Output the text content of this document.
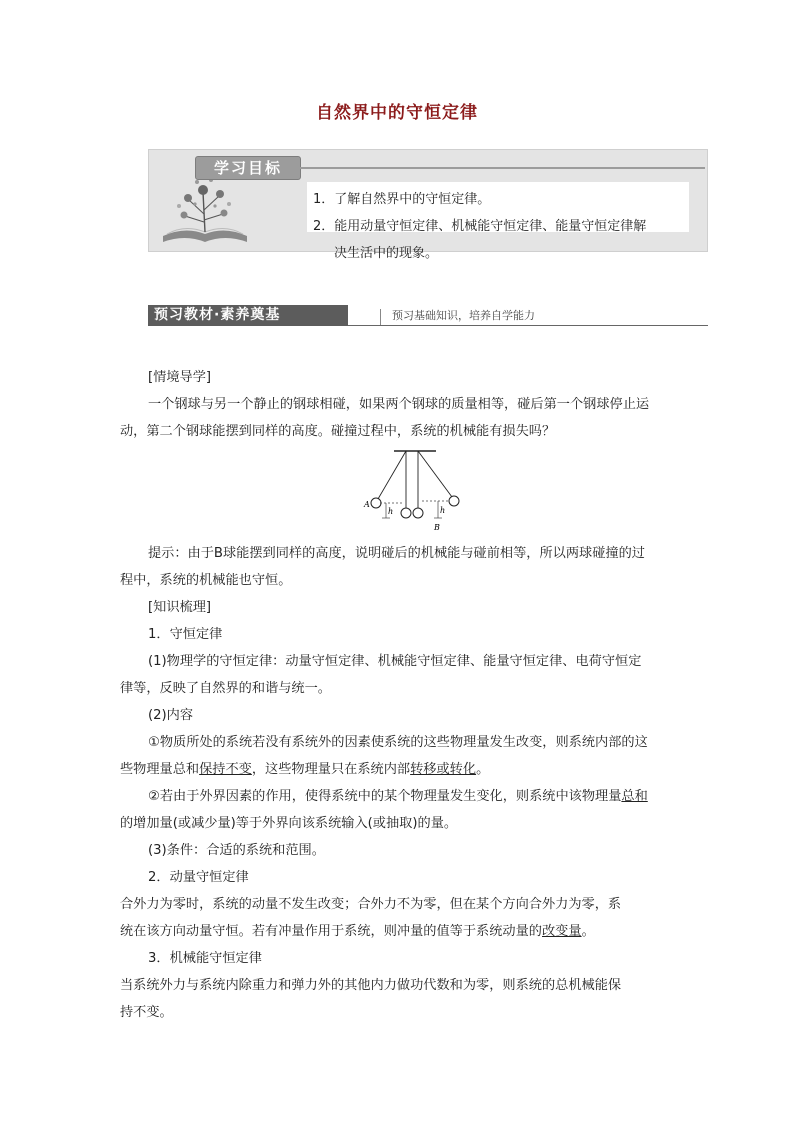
自然界中的守恒定律
学习目标
1．了解自然界中的守恒定律。
2．能用动量守恒定律、机械能守恒定律、能量守恒定律解
决生活中的现象。
预习教材·素养奠基	预习基础知识，培养自学能力
[情境导学]
一个钢球与另一个静止的钢球相碰，如果两个钢球的质量相等，碰后第一个钢球停止运
动，第二个钢球能摆到同样的高度。碰撞过程中，系统的机械能有损失吗？
A
h	h
B
提示：由于B球能摆到同样的高度，说明碰后的机械能与碰前相等，所以两球碰撞的过
程中，系统的机械能也守恒。
[知识梳理]
1．守恒定律
(1)物理学的守恒定律：动量守恒定律、机械能守恒定律、能量守恒定律、电荷守恒定
律等，反映了自然界的和谐与统一。
(2)内容
①物质所处的系统若没有系统外的因素使系统的这些物理量发生改变，则系统内部的这
些物理量总和保持不变，这些物理量只在系统内部转移或转化。
②若由于外界因素的作用，使得系统中的某个物理量发生变化，则系统中该物理量总和
的增加量(或减少量)等于外界向该系统输入(或抽取)的量。
(3)条件：合适的系统和范围。
2．动量守恒定律
合外力为零时，系统的动量不发生改变；合外力不为零，但在某个方向合外力为零，系
统在该方向动量守恒。若有冲量作用于系统，则冲量的值等于系统动量的改变量。
3．机械能守恒定律
当系统外力与系统内除重力和弹力外的其他内力做功代数和为零，则系统的总机械能保
持不变。
